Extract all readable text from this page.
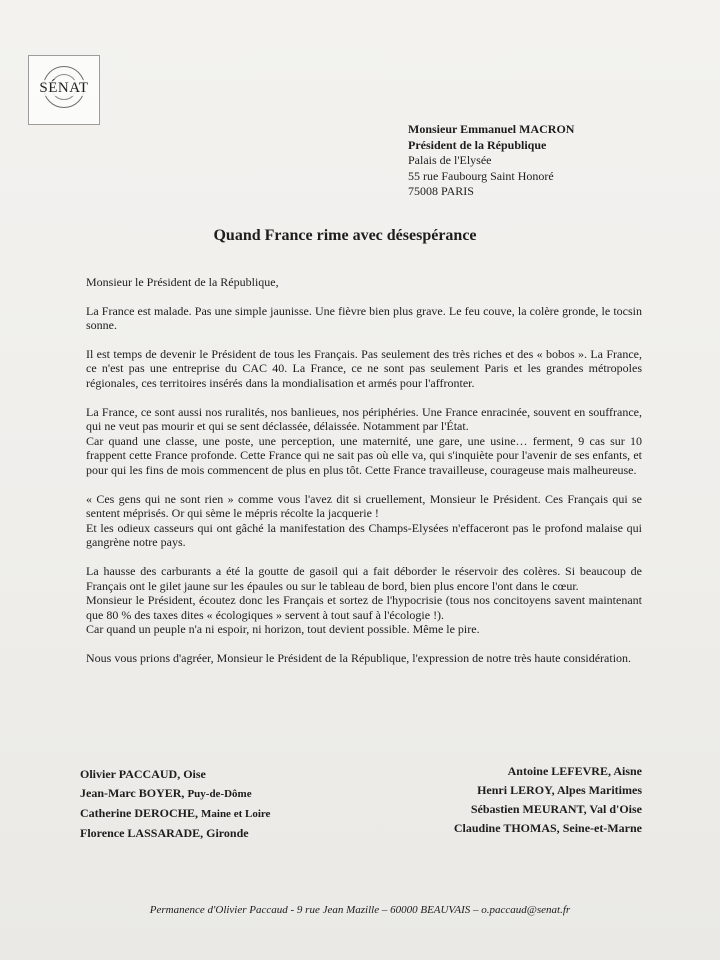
SÉNAT
Monsieur Emmanuel MACRON
Président de la République
Palais de l'Elysée
55 rue Faubourg Saint Honoré
75008 PARIS
Quand France rime avec désespérance

Monsieur le Président de la République,

La France est malade. Pas une simple jaunisse. Une fièvre bien plus grave. Le feu couve, la colère gronde, le tocsin sonne.

Il est temps de devenir le Président de tous les Français. Pas seulement des très riches et des « bobos ». La France, ce n'est pas une entreprise du CAC 40. La France, ce ne sont pas seulement Paris et les grandes métropoles régionales, ces territoires insérés dans la mondialisation et armés pour l'affronter.

La France, ce sont aussi nos ruralités, nos banlieues, nos périphéries. Une France enracinée, souvent en souffrance, qui ne veut pas mourir et qui se sent déclassée, délaissée. Notamment par l'État.
Car quand une classe, une poste, une perception, une maternité, une gare, une usine… ferment, 9 cas sur 10 frappent cette France profonde. Cette France qui ne sait pas où elle va, qui s'inquiète pour l'avenir de ses enfants, et pour qui les fins de mois commencent de plus en plus tôt. Cette France travailleuse, courageuse mais malheureuse.

« Ces gens qui ne sont rien » comme vous l'avez dit si cruellement, Monsieur le Président. Ces Français qui se sentent méprisés. Or qui sème le mépris récolte la jacquerie !
Et les odieux casseurs qui ont gâché la manifestation des Champs-Elysées n'effaceront pas le profond malaise qui gangrène notre pays.

La hausse des carburants a été la goutte de gasoil qui a fait déborder le réservoir des colères. Si beaucoup de Français ont le gilet jaune sur les épaules ou sur le tableau de bord, bien plus encore l'ont dans le cœur.
Monsieur le Président, écoutez donc les Français et sortez de l'hypocrisie (tous nos concitoyens savent maintenant que 80 % des taxes dites « écologiques » servent à tout sauf à l'écologie !).
Car quand un peuple n'a ni espoir, ni horizon, tout devient possible. Même le pire.

Nous vous prions d'agréer, Monsieur le Président de la République, l'expression de notre très haute considération.

Olivier PACCAUD, Oise
Jean-Marc BOYER, Puy-de-Dôme
Catherine DEROCHE, Maine et Loire
Florence LASSARADE, Gironde
Antoine LEFEVRE, Aisne
Henri LEROY, Alpes Maritimes
Sébastien MEURANT, Val d'Oise
Claudine THOMAS, Seine-et-Marne
Permanence d'Olivier Paccaud - 9 rue Jean Mazille – 60000 BEAUVAIS – o.paccaud@senat.fr
